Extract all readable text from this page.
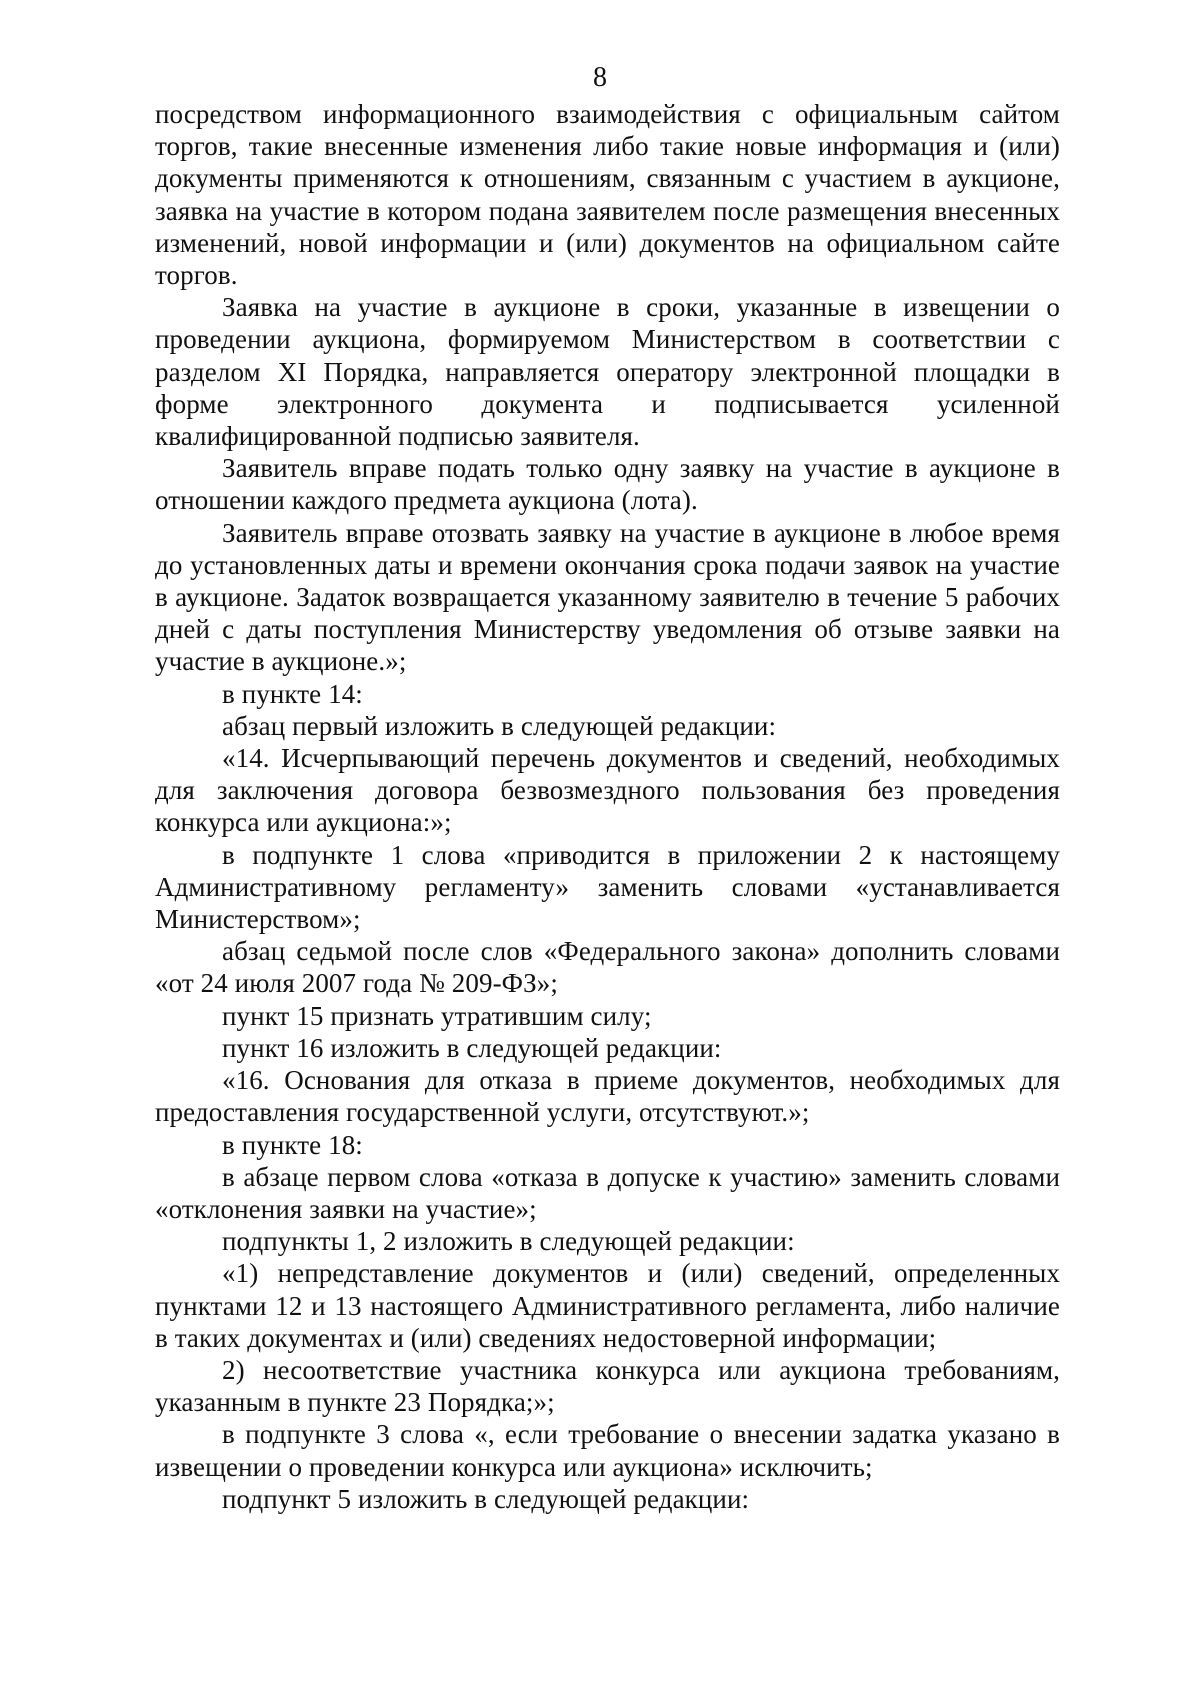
8

посредством информационного взаимодействия с официальным сайтом торгов, такие внесенные изменения либо такие новые информация и (или) документы применяются к отношениям, связанным с участием в аукционе, заявка на участие в котором подана заявителем после размещения внесенных изменений, новой информации и (или) документов на официальном сайте торгов.

Заявка на участие в аукционе в сроки, указанные в извещении о проведении аукциона, формируемом Министерством в соответствии с разделом XI Порядка, направляется оператору электронной площадки в форме электронного документа и подписывается усиленной квалифицированной подписью заявителя.

Заявитель вправе подать только одну заявку на участие в аукционе в отношении каждого предмета аукциона (лота).

Заявитель вправе отозвать заявку на участие в аукционе в любое время до установленных даты и времени окончания срока подачи заявок на участие в аукционе. Задаток возвращается указанному заявителю в течение 5 рабочих дней с даты поступления Министерству уведомления об отзыве заявки на участие в аукционе.»;

в пункте 14:

абзац первый изложить в следующей редакции:

«14. Исчерпывающий перечень документов и сведений, необходимых для заключения договора безвозмездного пользования без проведения конкурса или аукциона:»;

в подпункте 1 слова «приводится в приложении 2 к настоящему Административному регламенту» заменить словами «устанавливается Министерством»;

абзац седьмой после слов «Федерального закона» дополнить словами «от 24 июля 2007 года № 209-ФЗ»;

пункт 15 признать утратившим силу;

пункт 16 изложить в следующей редакции:

«16. Основания для отказа в приеме документов, необходимых для предоставления государственной услуги, отсутствуют.»;

в пункте 18:

в абзаце первом слова «отказа в допуске к участию» заменить словами «отклонения заявки на участие»;

подпункты 1, 2 изложить в следующей редакции:

«1) непредставление документов и (или) сведений, определенных пунктами 12 и 13 настоящего Административного регламента, либо наличие в таких документах и (или) сведениях недостоверной информации;

2) несоответствие участника конкурса или аукциона требованиям, указанным в пункте 23 Порядка;»;

в подпункте 3 слова «, если требование о внесении задатка указано в извещении о проведении конкурса или аукциона» исключить;

подпункт 5 изложить в следующей редакции:
